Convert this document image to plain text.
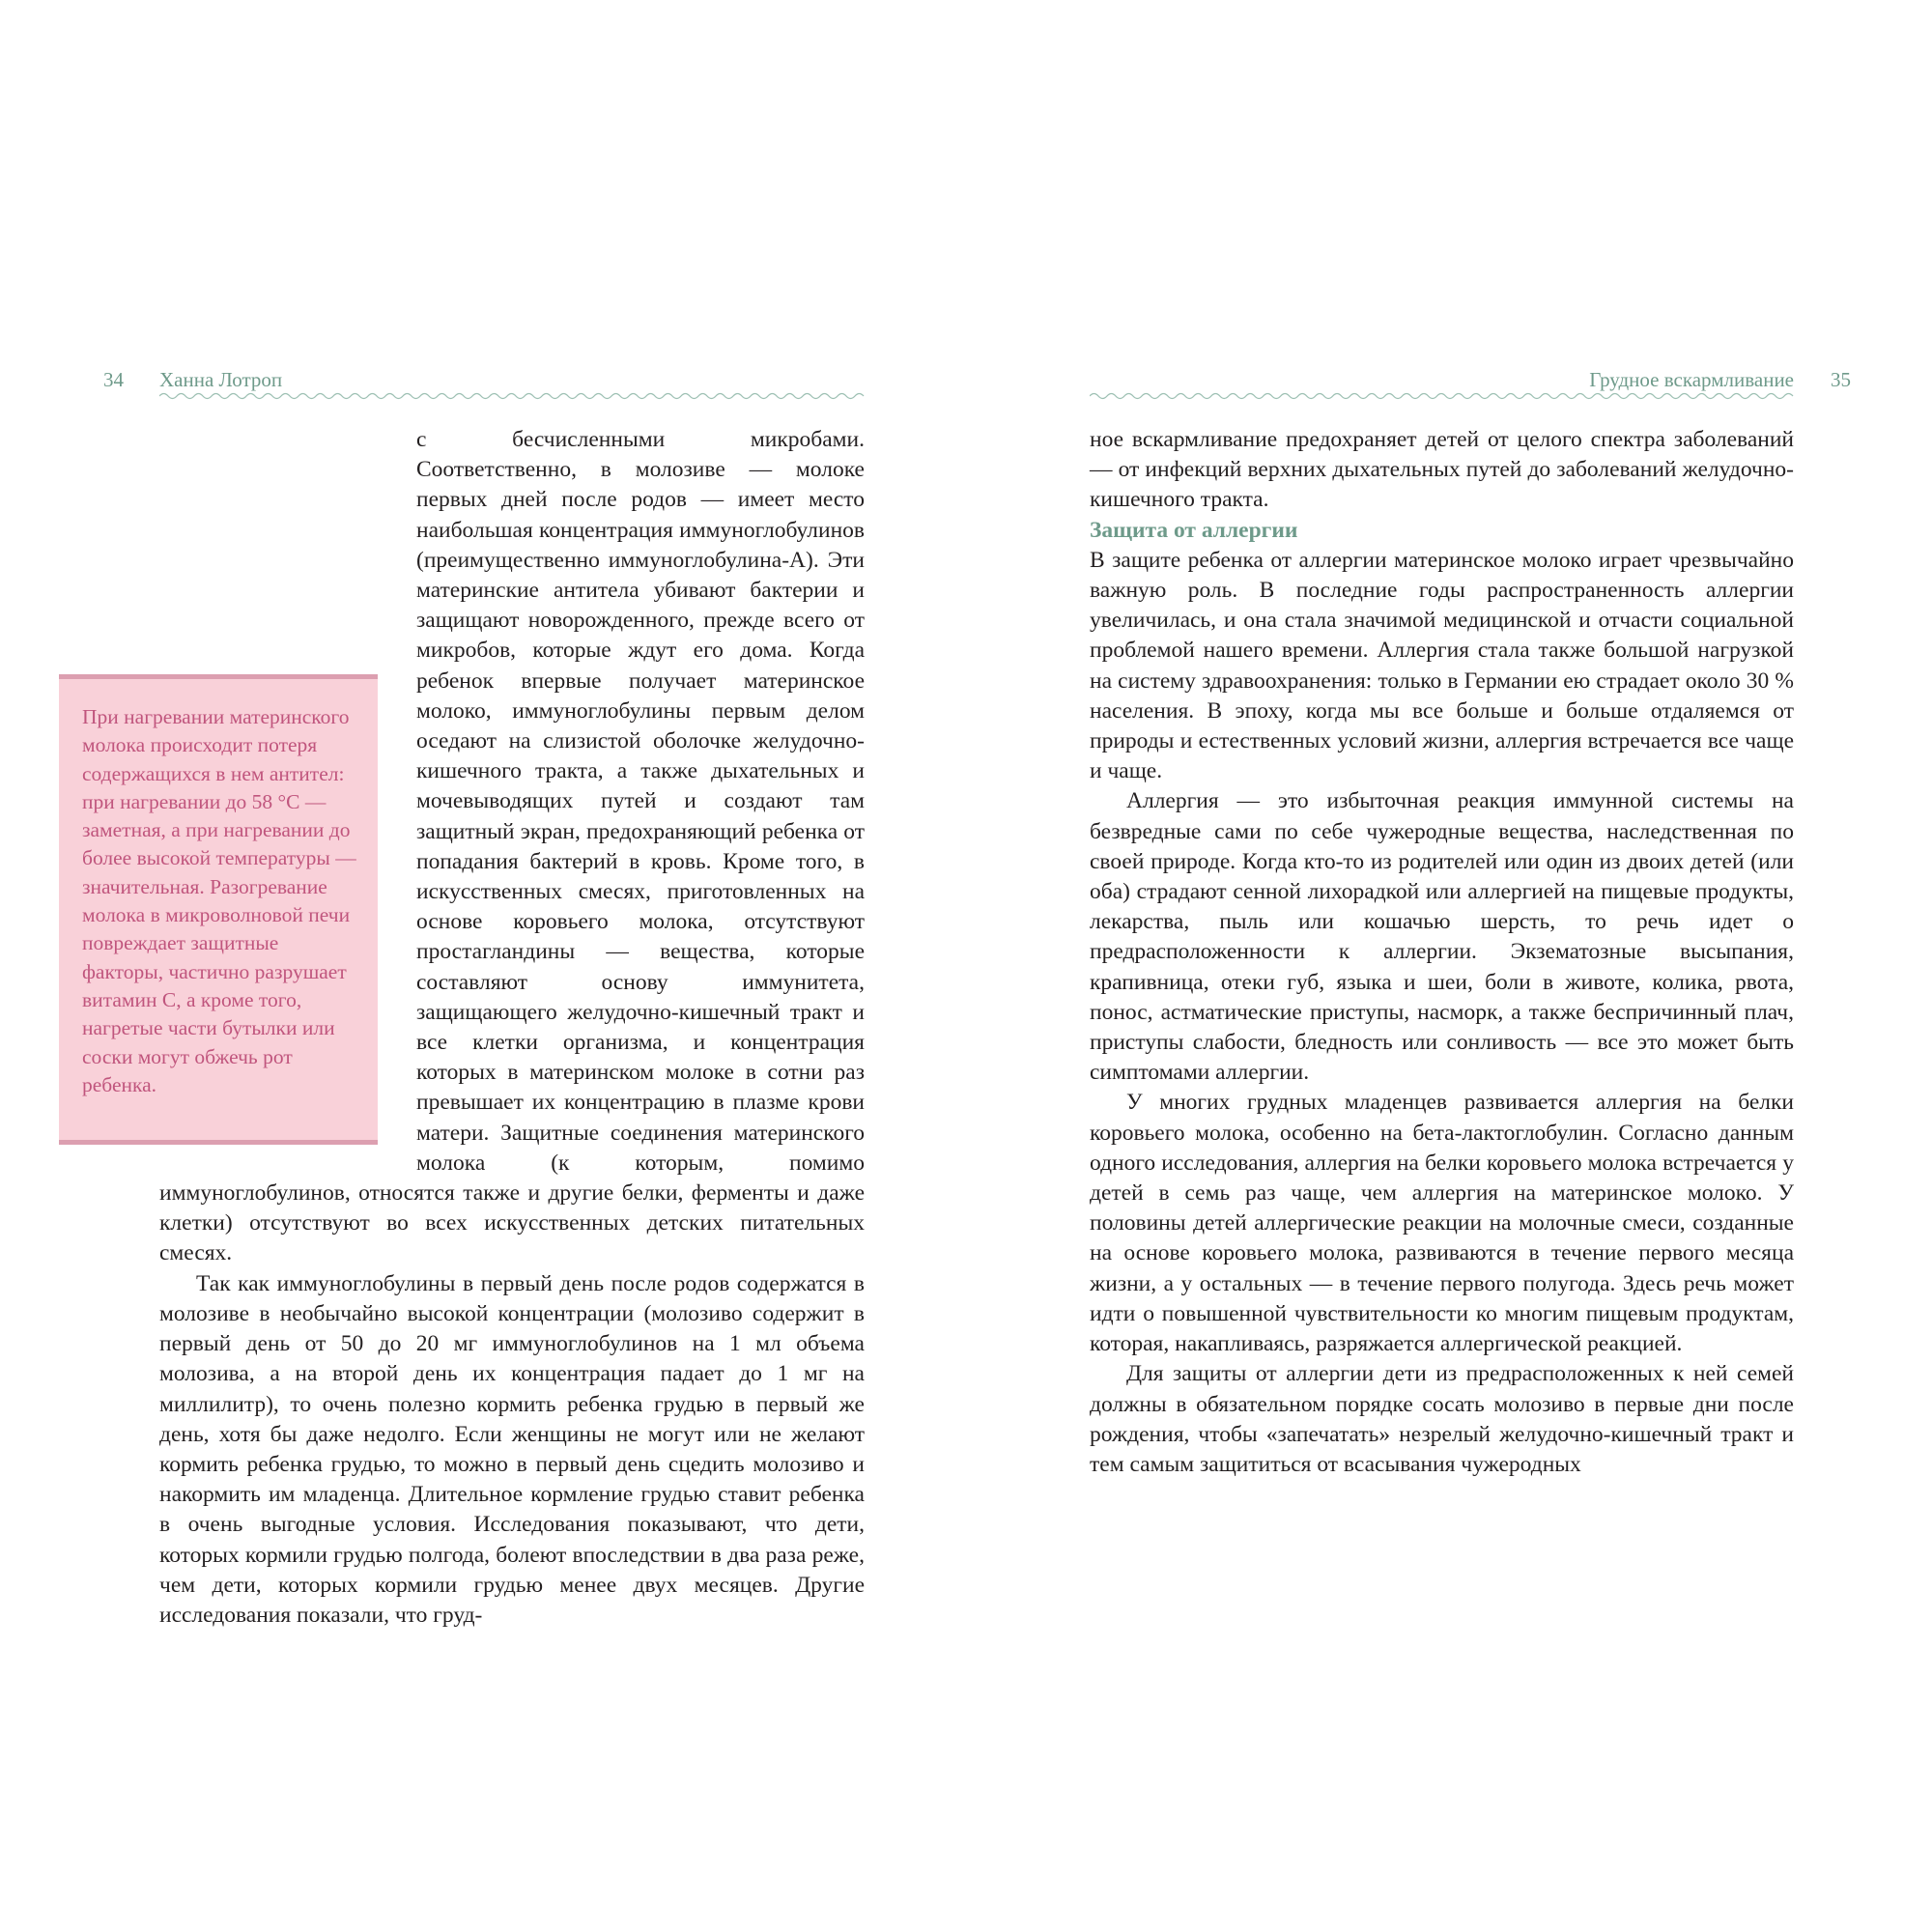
34 Ханна Лотроп

с бесчисленными микробами. Соответственно, в молозиве — молоке первых дней после родов — имеет место наибольшая концентрация иммуноглобулинов (преимущественно иммуноглобулина-А). Эти материнские антитела убивают бактерии и защищают новорожденного, прежде всего от микробов, которые ждут его дома. Когда ребенок впервые получает материнское молоко, иммуноглобулины первым делом оседают на слизистой оболочке желудочно-кишечного тракта, а также дыхательных и мочевыводящих путей и создают там защитный экран, предохраняющий ребенка от попадания бактерий в кровь. Кроме того, в искусственных смесях, приготовленных на основе коровьего молока, отсутствуют простагландины — вещества, которые составляют основу иммунитета, защищающего желудочно-кишечный тракт и все клетки организма, и концентрация которых в материнском молоке в сотни раз превышает их концентрацию в плазме крови матери. Защитные соединения материнского молока (к которым, помимо иммуноглобулинов, относятся также и другие белки, ферменты и даже клетки) отсутствуют во всех искусственных детских питательных смесях.

Так как иммуноглобулины в первый день после родов содержатся в молозиве в необычайно высокой концентрации (молозиво содержит в первый день от 50 до 20 мг иммуноглобулинов на 1 мл объема молозива, а на второй день их концентрация падает до 1 мг на миллилитр), то очень полезно кормить ребенка грудью в первый же день, хотя бы даже недолго. Если женщины не могут или не желают кормить ребенка грудью, то можно в первый день сцедить молозиво и накормить им младенца. Длительное кормление грудью ставит ребенка в очень выгодные условия. Исследования показывают, что дети, которых кормили грудью полгода, болеют впоследствии в два раза реже, чем дети, которых кормили грудью менее двух месяцев. Другие исследования показали, что груд-

При нагревании материнского молока происходит потеря содержащихся в нем антител: при нагревании до 58 °C — заметная, а при нагревании до более высокой температуры — значительная. Разогревание молока в микроволновой печи повреждает защитные факторы, частично разрушает витамин С, а кроме того, нагретые части бутылки или соски могут обжечь рот ребенка.
Грудное вскармливание 35

ное вскармливание предохраняет детей от целого спектра заболеваний — от инфекций верхних дыхательных путей до заболеваний желудочно-кишечного тракта.

Защита от аллергии

В защите ребенка от аллергии материнское молоко играет чрезвычайно важную роль. В последние годы распространенность аллергии увеличилась, и она стала значимой медицинской и отчасти социальной проблемой нашего времени. Аллергия стала также большой нагрузкой на систему здравоохранения: только в Германии ею страдает около 30 % населения. В эпоху, когда мы все больше и больше отдаляемся от природы и естественных условий жизни, аллергия встречается все чаще и чаще.

Аллергия — это избыточная реакция иммунной системы на безвредные сами по себе чужеродные вещества, наследственная по своей природе. Когда кто-то из родителей или один из двоих детей (или оба) страдают сенной лихорадкой или аллергией на пищевые продукты, лекарства, пыль или кошачью шерсть, то речь идет о предрасположенности к аллергии. Экзематозные высыпания, крапивница, отеки губ, языка и шеи, боли в животе, колика, рвота, понос, астматические приступы, насморк, а также беспричинный плач, приступы слабости, бледность или сонливость — все это может быть симптомами аллергии.

У многих грудных младенцев развивается аллергия на белки коровьего молока, особенно на бета-лактоглобулин. Согласно данным одного исследования, аллергия на белки коровьего молока встречается у детей в семь раз чаще, чем аллергия на материнское молоко. У половины детей аллергические реакции на молочные смеси, созданные на основе коровьего молока, развиваются в течение первого месяца жизни, а у остальных — в течение первого полугода. Здесь речь может идти о повышенной чувствительности ко многим пищевым продуктам, которая, накапливаясь, разряжается аллергической реакцией.

Для защиты от аллергии дети из предрасположенных к ней семей должны в обязательном порядке сосать молозиво в первые дни после рождения, чтобы «запечатать» незрелый желудочно-кишечный тракт и тем самым защититься от всасывания чужеродных
